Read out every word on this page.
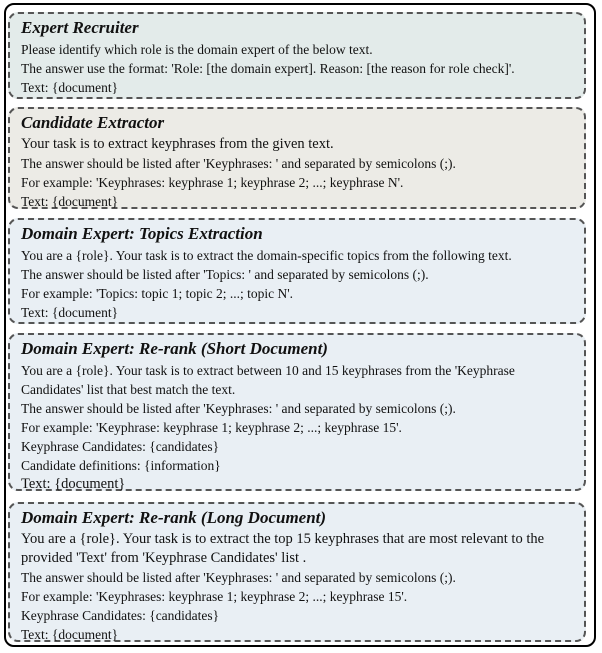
Expert Recruiter

Please identify which role is the domain expert of the below text.

The answer use the format: 'Role: [the domain expert]. Reason: [the reason for role check]'.

Text: {document}

Candidate Extractor

Your task is to extract keyphrases from the given text.

The answer should be listed after 'Keyphrases: ' and separated by semicolons (;).

For example: 'Keyphrases: keyphrase 1; keyphrase 2; ...; keyphrase N'.

Text: {document}

Domain Expert: Topics Extraction

You are a {role}. Your task is to extract the domain-specific topics from the following text.

The answer should be listed after 'Topics: ' and separated by semicolons (;).

For example: 'Topics: topic 1; topic 2; ...; topic N'.

Text: {document}

Domain Expert: Re-rank (Short Document)

You are a {role}. Your task is to extract between 10 and 15 keyphrases from the 'Keyphrase Candidates' list that best match the text.

The answer should be listed after 'Keyphrases: ' and separated by semicolons (;).

For example: 'Keyphrase: keyphrase 1; keyphrase 2; ...; keyphrase 15'.

Keyphrase Candidates: {candidates}

Candidate definitions: {information}

Text: {document}

Domain Expert: Re-rank (Long Document)

You are a {role}. Your task is to extract the top 15 keyphrases that are most relevant to the provided 'Text' from 'Keyphrase Candidates' list .

The answer should be listed after 'Keyphrases: ' and separated by semicolons (;).

For example: 'Keyphrases: keyphrase 1; keyphrase 2; ...; keyphrase 15'.

Keyphrase Candidates: {candidates}

Text: {document}
